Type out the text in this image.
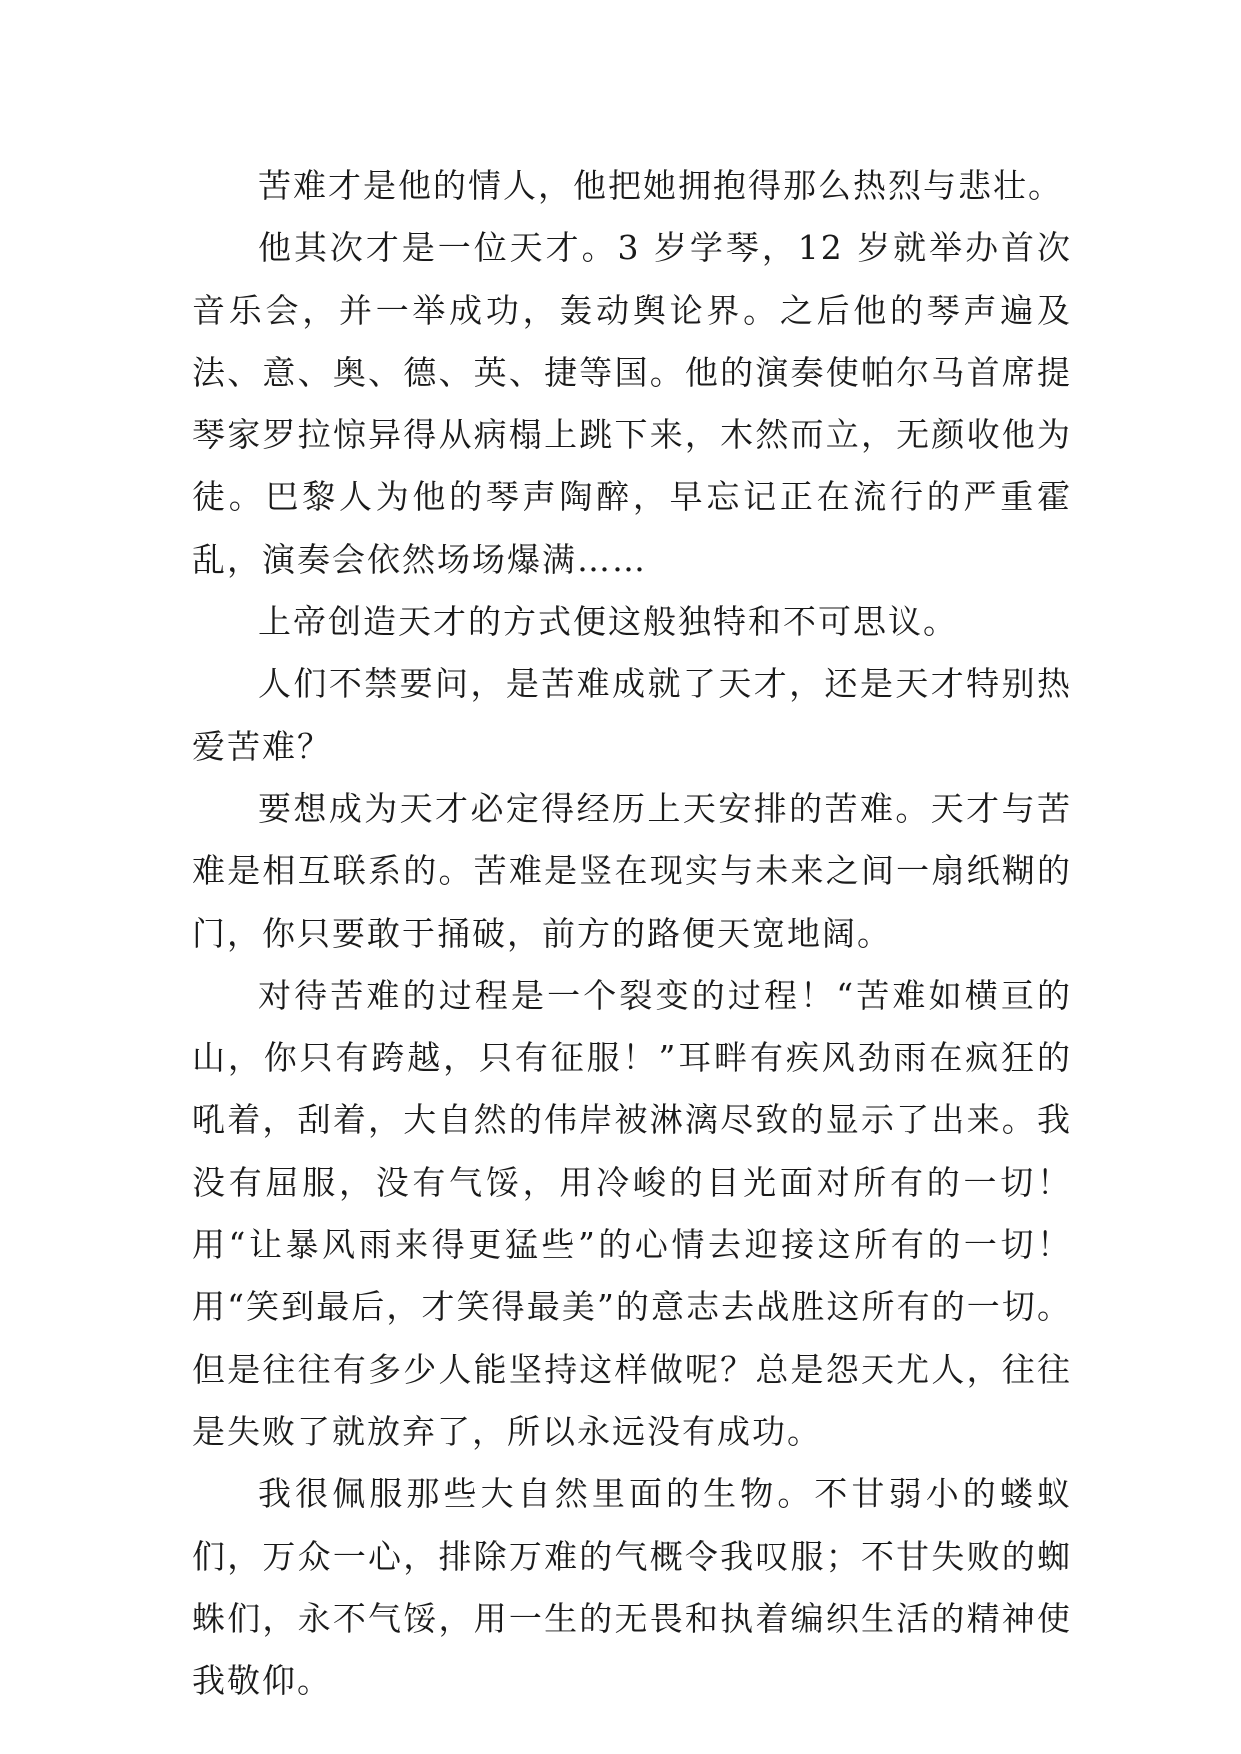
苦难才是他的情人，他把她拥抱得那么热烈与悲壮。

他其次才是一位天才。3 岁学琴，12 岁就举办首次音乐会，并一举成功，轰动舆论界。之后他的琴声遍及法、意、奥、德、英、捷等国。他的演奏使帕尔马首席提琴家罗拉惊异得从病榻上跳下来，木然而立，无颜收他为徒。巴黎人为他的琴声陶醉，早忘记正在流行的严重霍乱，演奏会依然场场爆满……

上帝创造天才的方式便这般独特和不可思议。

人们不禁要问，是苦难成就了天才，还是天才特别热爱苦难？

要想成为天才必定得经历上天安排的苦难。天才与苦难是相互联系的。苦难是竖在现实与未来之间一扇纸糊的门，你只要敢于捅破，前方的路便天宽地阔。

对待苦难的过程是一个裂变的过程！“苦难如横亘的山，你只有跨越，只有征服！”耳畔有疾风劲雨在疯狂的吼着，刮着，大自然的伟岸被淋漓尽致的显示了出来。我没有屈服，没有气馁，用冷峻的目光面对所有的一切！用“让暴风雨来得更猛些”的心情去迎接这所有的一切！用“笑到最后，才笑得最美”的意志去战胜这所有的一切。但是往往有多少人能坚持这样做呢？总是怨天尤人，往往是失败了就放弃了，所以永远没有成功。

我很佩服那些大自然里面的生物。不甘弱小的蝼蚁们，万众一心，排除万难的气概令我叹服；不甘失败的蜘蛛们，永不气馁，用一生的无畏和执着编织生活的精神使我敬仰。
